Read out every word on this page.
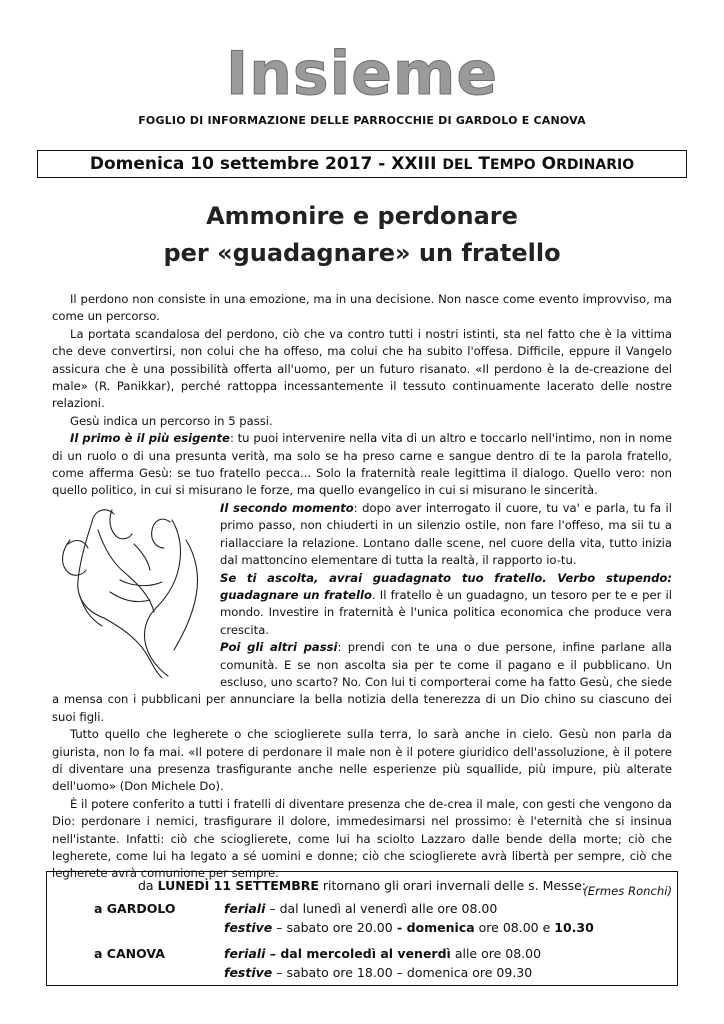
Insieme
FOGLIO DI INFORMAZIONE DELLE PARROCCHIE DI GARDOLO E CANOVA
Domenica 10 settembre 2017 - XXIII DEL TEMPO ORDINARIO
Ammonire e perdonare
per «guadagnare» un fratello

Il perdono non consiste in una emozione, ma in una decisione. Non nasce come evento improvviso, ma come un percorso.

La portata scandalosa del perdono, ciò che va contro tutti i nostri istinti, sta nel fatto che è la vittima che deve convertirsi, non colui che ha offeso, ma colui che ha subito l'offesa. Difficile, eppure il Vangelo assicura che è una possibilità offerta all'uomo, per un futuro risanato. «Il perdono è la de-creazione del male» (R. Panikkar), perché rattoppa incessantemente il tessuto continuamente lacerato delle nostre relazioni.

Gesù indica un percorso in 5 passi.

Il primo è il più esigente: tu puoi intervenire nella vita di un altro e toccarlo nell'intimo, non in nome di un ruolo o di una presunta verità, ma solo se ha preso carne e sangue dentro di te la parola fratello, come afferma Gesù: se tuo fratello pecca... Solo la fraternità reale legittima il dialogo. Quello vero: non quello politico, in cui si misurano le forze, ma quello evangelico in cui si misurano le sincerità.

Il secondo momento: dopo aver interrogato il cuore, tu va' e parla, tu fa il primo passo, non chiuderti in un silenzio ostile, non fare l'offeso, ma sii tu a riallacciare la relazione. Lontano dalle scene, nel cuore della vita, tutto inizia dal mattoncino elementare di tutta la realtà, il rapporto io-tu.

Se ti ascolta, avrai guadagnato tuo fratello. Verbo stupendo: guadagnare un fratello. Il fratello è un guadagno, un tesoro per te e per il mondo. Investire in fraternità è l'unica politica economica che produce vera crescita.

Poi gli altri passi: prendi con te una o due persone, infine parlane alla comunità. E se non ascolta sia per te come il pagano e il pubblicano. Un escluso, uno scarto? No. Con lui ti comporterai come ha fatto Gesù, che siede a mensa con i pubblicani per annunciare la bella notizia della tenerezza di un Dio chino su ciascuno dei suoi figli.

Tutto quello che legherete o che scioglierete sulla terra, lo sarà anche in cielo. Gesù non parla da giurista, non lo fa mai. «Il potere di perdonare il male non è il potere giuridico dell'assoluzione, è il potere di diventare una presenza trasfigurante anche nelle esperienze più squallide, più impure, più alterate dell'uomo» (Don Michele Do).

È il potere conferito a tutti i fratelli di diventare presenza che de-crea il male, con gesti che vengono da Dio: perdonare i nemici, trasfigurare il dolore, immedesimarsi nel prossimo: è l'eternità che si insinua nell'istante. Infatti: ciò che scioglierete, come lui ha sciolto Lazzaro dalle bende della morte; ciò che legherete, come lui ha legato a sé uomini e donne; ciò che scioglierete avrà libertà per sempre, ciò che legherete avrà comunione per sempre.

(Ermes Ronchi)
da LUNEDÌ 11 SETTEMBRE ritornano gli orari invernali delle s. Messe:
a GARDOLO	feriali – dal lunedì al venerdì alle ore 08.00
festive – sabato ore 20.00 - domenica ore 08.00 e 10.30
a CANOVA	feriali – dal mercoledì al venerdì alle ore 08.00
festive – sabato ore 18.00 – domenica ore 09.30
